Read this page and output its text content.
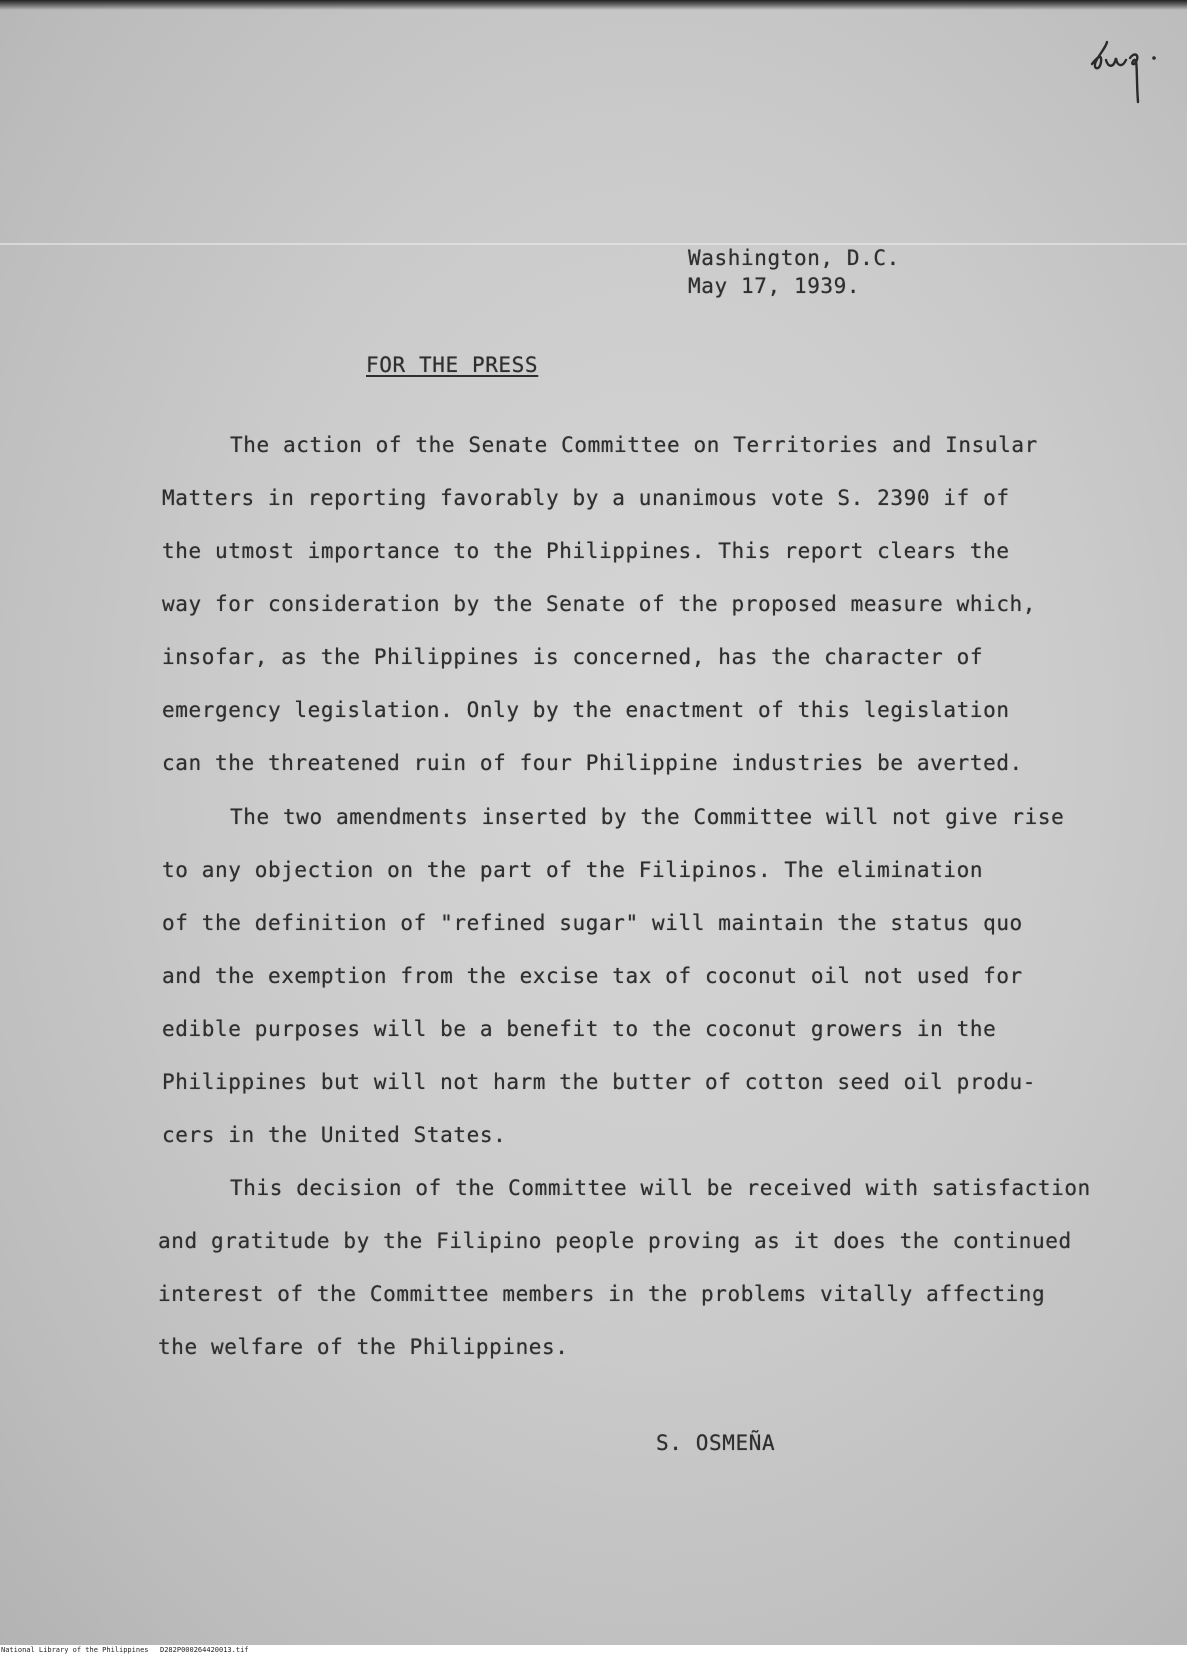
Washington, D.C.
May 17, 1939.
FOR THE PRESS
The action of the Senate Committee on Territories and Insular
Matters in reporting favorably by a unanimous vote S. 2390 if of
the utmost importance to the Philippines. This report clears the
way for consideration by the Senate of the proposed measure which,
insofar, as the Philippines is concerned, has the character of
emergency legislation. Only by the enactment of this legislation
can the threatened ruin of four Philippine industries be averted.
The two amendments inserted by the Committee will not give rise
to any objection on the part of the Filipinos. The elimination
of the definition of "refined sugar" will maintain the status quo
and the exemption from the excise tax of coconut oil not used for
edible purposes will be a benefit to the coconut growers in the
Philippines but will not harm the butter of cotton seed oil produ-
cers in the United States.
This decision of the Committee will be received with satisfaction
and gratitude by the Filipino people proving as it does the continued
interest of the Committee members in the problems vitally affecting
the welfare of the Philippines.
S. OSMEÑA
National Library of the Philippines D282P000264420013.tif
